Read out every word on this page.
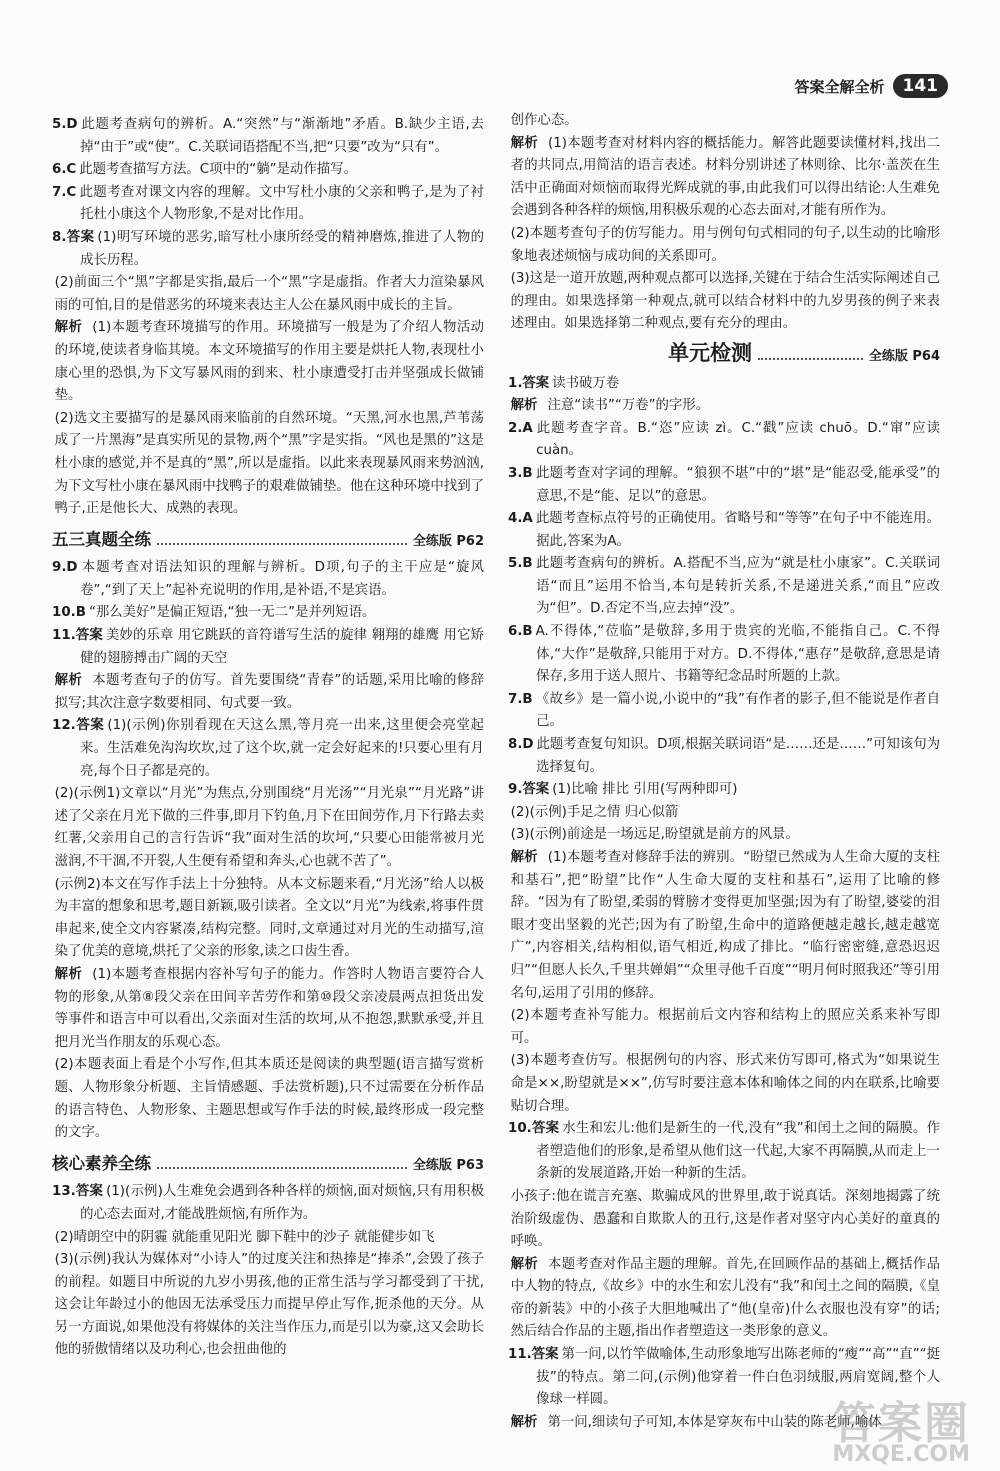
答案全解全析	141

5.D 此题考查病句的辨析。A.“突然”与“渐渐地”矛盾。B.缺少主语,去掉“由于”或“使”。C.关联词语搭配不当,把“只要”改为“只有”。

6.C 此题考查描写方法。C项中的“躺”是动作描写。

7.C 此题考查对课文内容的理解。文中写杜小康的父亲和鸭子,是为了衬托杜小康这个人物形象,不是对比作用。

8.答案 (1)明写环境的恶劣,暗写杜小康所经受的精神磨炼,推进了人物的成长历程。

(2)前面三个“黑”字都是实指,最后一个“黑”字是虚指。作者大力渲染暴风雨的可怕,目的是借恶劣的环境来表达主人公在暴风雨中成长的主旨。

解析 (1)本题考查环境描写的作用。环境描写一般是为了介绍人物活动的环境,使读者身临其境。本文环境描写的作用主要是烘托人物,表现杜小康心里的恐惧,为下文写暴风雨的到来、杜小康遭受打击并坚强成长做铺垫。

(2)选文主要描写的是暴风雨来临前的自然环境。“天黑,河水也黑,芦苇荡成了一片黑海”是真实所见的景物,两个“黑”字是实指。“风也是黑的”这是杜小康的感觉,并不是真的“黑”,所以是虚指。以此来表现暴风雨来势汹汹,为下文写杜小康在暴风雨中找鸭子的艰难做铺垫。他在这种环境中找到了鸭子,正是他长大、成熟的表现。

五三真题全练	全练版 P62

9.D 本题考查对语法知识的理解与辨析。D项,句子的主干应是“旋风卷”,“到了天上”起补充说明的作用,是补语,不是宾语。

10.B “那么美好”是偏正短语,“独一无二”是并列短语。

11.答案 美妙的乐章 用它跳跃的音符谱写生活的旋律 翱翔的雄鹰 用它矫健的翅膀搏击广阔的天空

解析 本题考查句子的仿写。首先要围绕“青春”的话题,采用比喻的修辞拟写;其次注意字数要相同、句式要一致。

12.答案 (1)(示例)你别看现在天这么黑,等月亮一出来,这里便会亮堂起来。生活难免沟沟坎坎,过了这个坎,就一定会好起来的!只要心里有月亮,每个日子都是亮的。

(2)(示例1)文章以“月光”为焦点,分别围绕“月光汤”“月光泉”“月光路”讲述了父亲在月光下做的三件事,即月下钓鱼,月下在田间劳作,月下行路去卖红薯,父亲用自己的言行告诉“我”面对生活的坎坷,“只要心田能常被月光滋润,不干涸,不开裂,人生便有希望和奔头,心也就不苦了”。

(示例2)本文在写作手法上十分独特。从本文标题来看,“月光汤”给人以极为丰富的想象和思考,题目新颖,吸引读者。全文以“月光”为线索,将事件贯串起来,使全文内容紧凑,结构完整。同时,文章通过对月光的生动描写,渲染了优美的意境,烘托了父亲的形象,读之口齿生香。

解析 (1)本题考查根据内容补写句子的能力。作答时人物语言要符合人物的形象,从第⑧段父亲在田间辛苦劳作和第⑩段父亲凌晨两点担货出发等事件和语言中可以看出,父亲面对生活的坎坷,从不抱怨,默默承受,并且把月光当作朋友的乐观心态。

(2)本题表面上看是个小写作,但其本质还是阅读的典型题(语言描写赏析题、人物形象分析题、主旨情感题、手法赏析题),只不过需要在分析作品的语言特色、人物形象、主题思想或写作手法的时候,最终形成一段完整的文字。

核心素养全练	全练版 P63

13.答案 (1)(示例)人生难免会遇到各种各样的烦恼,面对烦恼,只有用积极的心态去面对,才能战胜烦恼,有所作为。

(2)晴朗空中的阴霾 就能重见阳光 脚下鞋中的沙子 就能健步如飞

(3)(示例)我认为媒体对“小诗人”的过度关注和热捧是“捧杀”,会毁了孩子的前程。如题目中所说的九岁小男孩,他的正常生活与学习都受到了干扰,这会让年龄过小的他因无法承受压力而提早停止写作,扼杀他的天分。从另一方面说,如果他没有将媒体的关注当作压力,而是引以为豪,这又会助长他的骄傲情绪以及功利心,也会扭曲他的

创作心态。

解析 (1)本题考查对材料内容的概括能力。解答此题要读懂材料,找出二者的共同点,用简洁的语言表述。材料分别讲述了林则徐、比尔·盖茨在生活中正确面对烦恼而取得光辉成就的事,由此我们可以得出结论:人生难免会遇到各种各样的烦恼,用积极乐观的心态去面对,才能有所作为。

(2)本题考查句子的仿写能力。用与例句句式相同的句子,以生动的比喻形象地表述烦恼与成功间的关系即可。

(3)这是一道开放题,两种观点都可以选择,关键在于结合生活实际阐述自己的理由。如果选择第一种观点,就可以结合材料中的九岁男孩的例子来表述理由。如果选择第二种观点,要有充分的理由。

单元检测	全练版 P64

1.答案 读书破万卷

解析 注意“读书”“万卷”的字形。

2.A 此题考查字音。B.“恣”应读 zì。C.“戳”应读 chuō。D.“窜”应读 cuàn。

3.B 此题考查对字词的理解。“狼狈不堪”中的“堪”是“能忍受,能承受”的意思,不是“能、足以”的意思。

4.A 此题考查标点符号的正确使用。省略号和“等等”在句子中不能连用。据此,答案为A。

5.B 此题考查病句的辨析。A.搭配不当,应为“就是杜小康家”。C.关联词语“而且”运用不恰当,本句是转折关系,不是递进关系,“而且”应改为“但”。D.否定不当,应去掉“没”。

6.B A.不得体,“莅临”是敬辞,多用于贵宾的光临,不能指自己。C.不得体,“大作”是敬辞,只能用于对方。D.不得体,“惠存”是敬辞,意思是请保存,多用于送人照片、书籍等纪念品时所题的上款。

7.B 《故乡》是一篇小说,小说中的“我”有作者的影子,但不能说是作者自己。

8.D 此题考查复句知识。D项,根据关联词语“是……还是……”可知该句为选择复句。

9.答案 (1)比喻 排比 引用(写两种即可)

(2)(示例)手足之情 归心似箭

(3)(示例)前途是一场远足,盼望就是前方的风景。

解析 (1)本题考查对修辞手法的辨别。“盼望已然成为人生命大厦的支柱和基石”,把“盼望”比作“人生命大厦的支柱和基石”,运用了比喻的修辞。“因为有了盼望,柔弱的臂膀才变得更加坚强;因为有了盼望,婆娑的泪眼才变出坚毅的光芒;因为有了盼望,生命中的道路便越走越长,越走越宽广”,内容相关,结构相似,语气相近,构成了排比。“临行密密缝,意恐迟迟归”“但愿人长久,千里共婵娟”“众里寻他千百度”“明月何时照我还”等引用名句,运用了引用的修辞。

(2)本题考查补写能力。根据前后文内容和结构上的照应关系来补写即可。

(3)本题考查仿写。根据例句的内容、形式来仿写即可,格式为“如果说生命是××,盼望就是××”,仿写时要注意本体和喻体之间的内在联系,比喻要贴切合理。

10.答案 水生和宏儿:他们是新生的一代,没有“我”和闰土之间的隔膜。作者塑造他们的形象,是希望从他们这一代起,大家不再隔膜,从而走上一条新的发展道路,开始一种新的生活。

小孩子:他在谎言充塞、欺骗成风的世界里,敢于说真话。深刻地揭露了统治阶级虚伪、愚蠢和自欺欺人的丑行,这是作者对坚守内心美好的童真的呼唤。

解析 本题考查对作品主题的理解。首先,在回顾作品的基础上,概括作品中人物的特点,《故乡》中的水生和宏儿没有“我”和闰土之间的隔膜,《皇帝的新装》中的小孩子大胆地喊出了“他(皇帝)什么衣服也没有穿”的话;然后结合作品的主题,指出作者塑造这一类形象的意义。

11.答案 第一问,以竹竿做喻体,生动形象地写出陈老师的“瘦”“高”“直”“挺拔”的特点。第二问,(示例)他穿着一件白色羽绒服,两肩宽阔,整个人像球一样圆。

解析 第一问,细读句子可知,本体是穿灰布中山装的陈老师,喻体

答案圈
MXQE.COM
